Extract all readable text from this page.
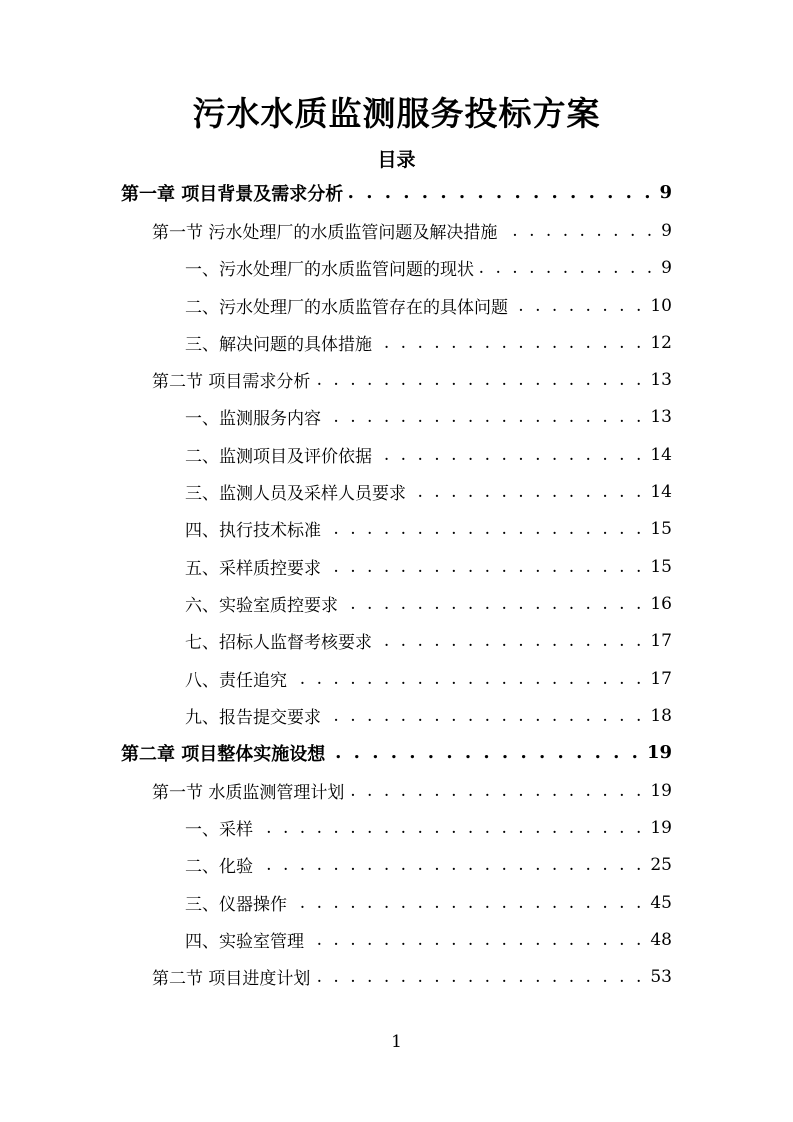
污水水质监测服务投标方案
目录
第一章 项目背景及需求分析 . . .	9
第一节 污水处理厂的水质监管问题及解决措施 . . .	9
一、污水处理厂的水质监管问题的现状 . . .	9
二、污水处理厂的水质监管存在的具体问题 . . .	10
三、解决问题的具体措施 . . .	12
第二节 项目需求分析 . . .	13
一、监测服务内容 . . .	13
二、监测项目及评价依据 . . .	14
三、监测人员及采样人员要求 . . .	14
四、执行技术标准 . . .	15
五、采样质控要求 . . .	15
六、实验室质控要求 . . .	16
七、招标人监督考核要求 . . .	17
八、责任追究 . . .	17
九、报告提交要求 . . .	18
第二章 项目整体实施设想 . . .	19
第一节 水质监测管理计划 . . .	19
一、采样 . . .	19
二、化验 . . .	25
三、仪器操作 . . .	45
四、实验室管理 . . .	48
第二节 项目进度计划 . . .	53
1
